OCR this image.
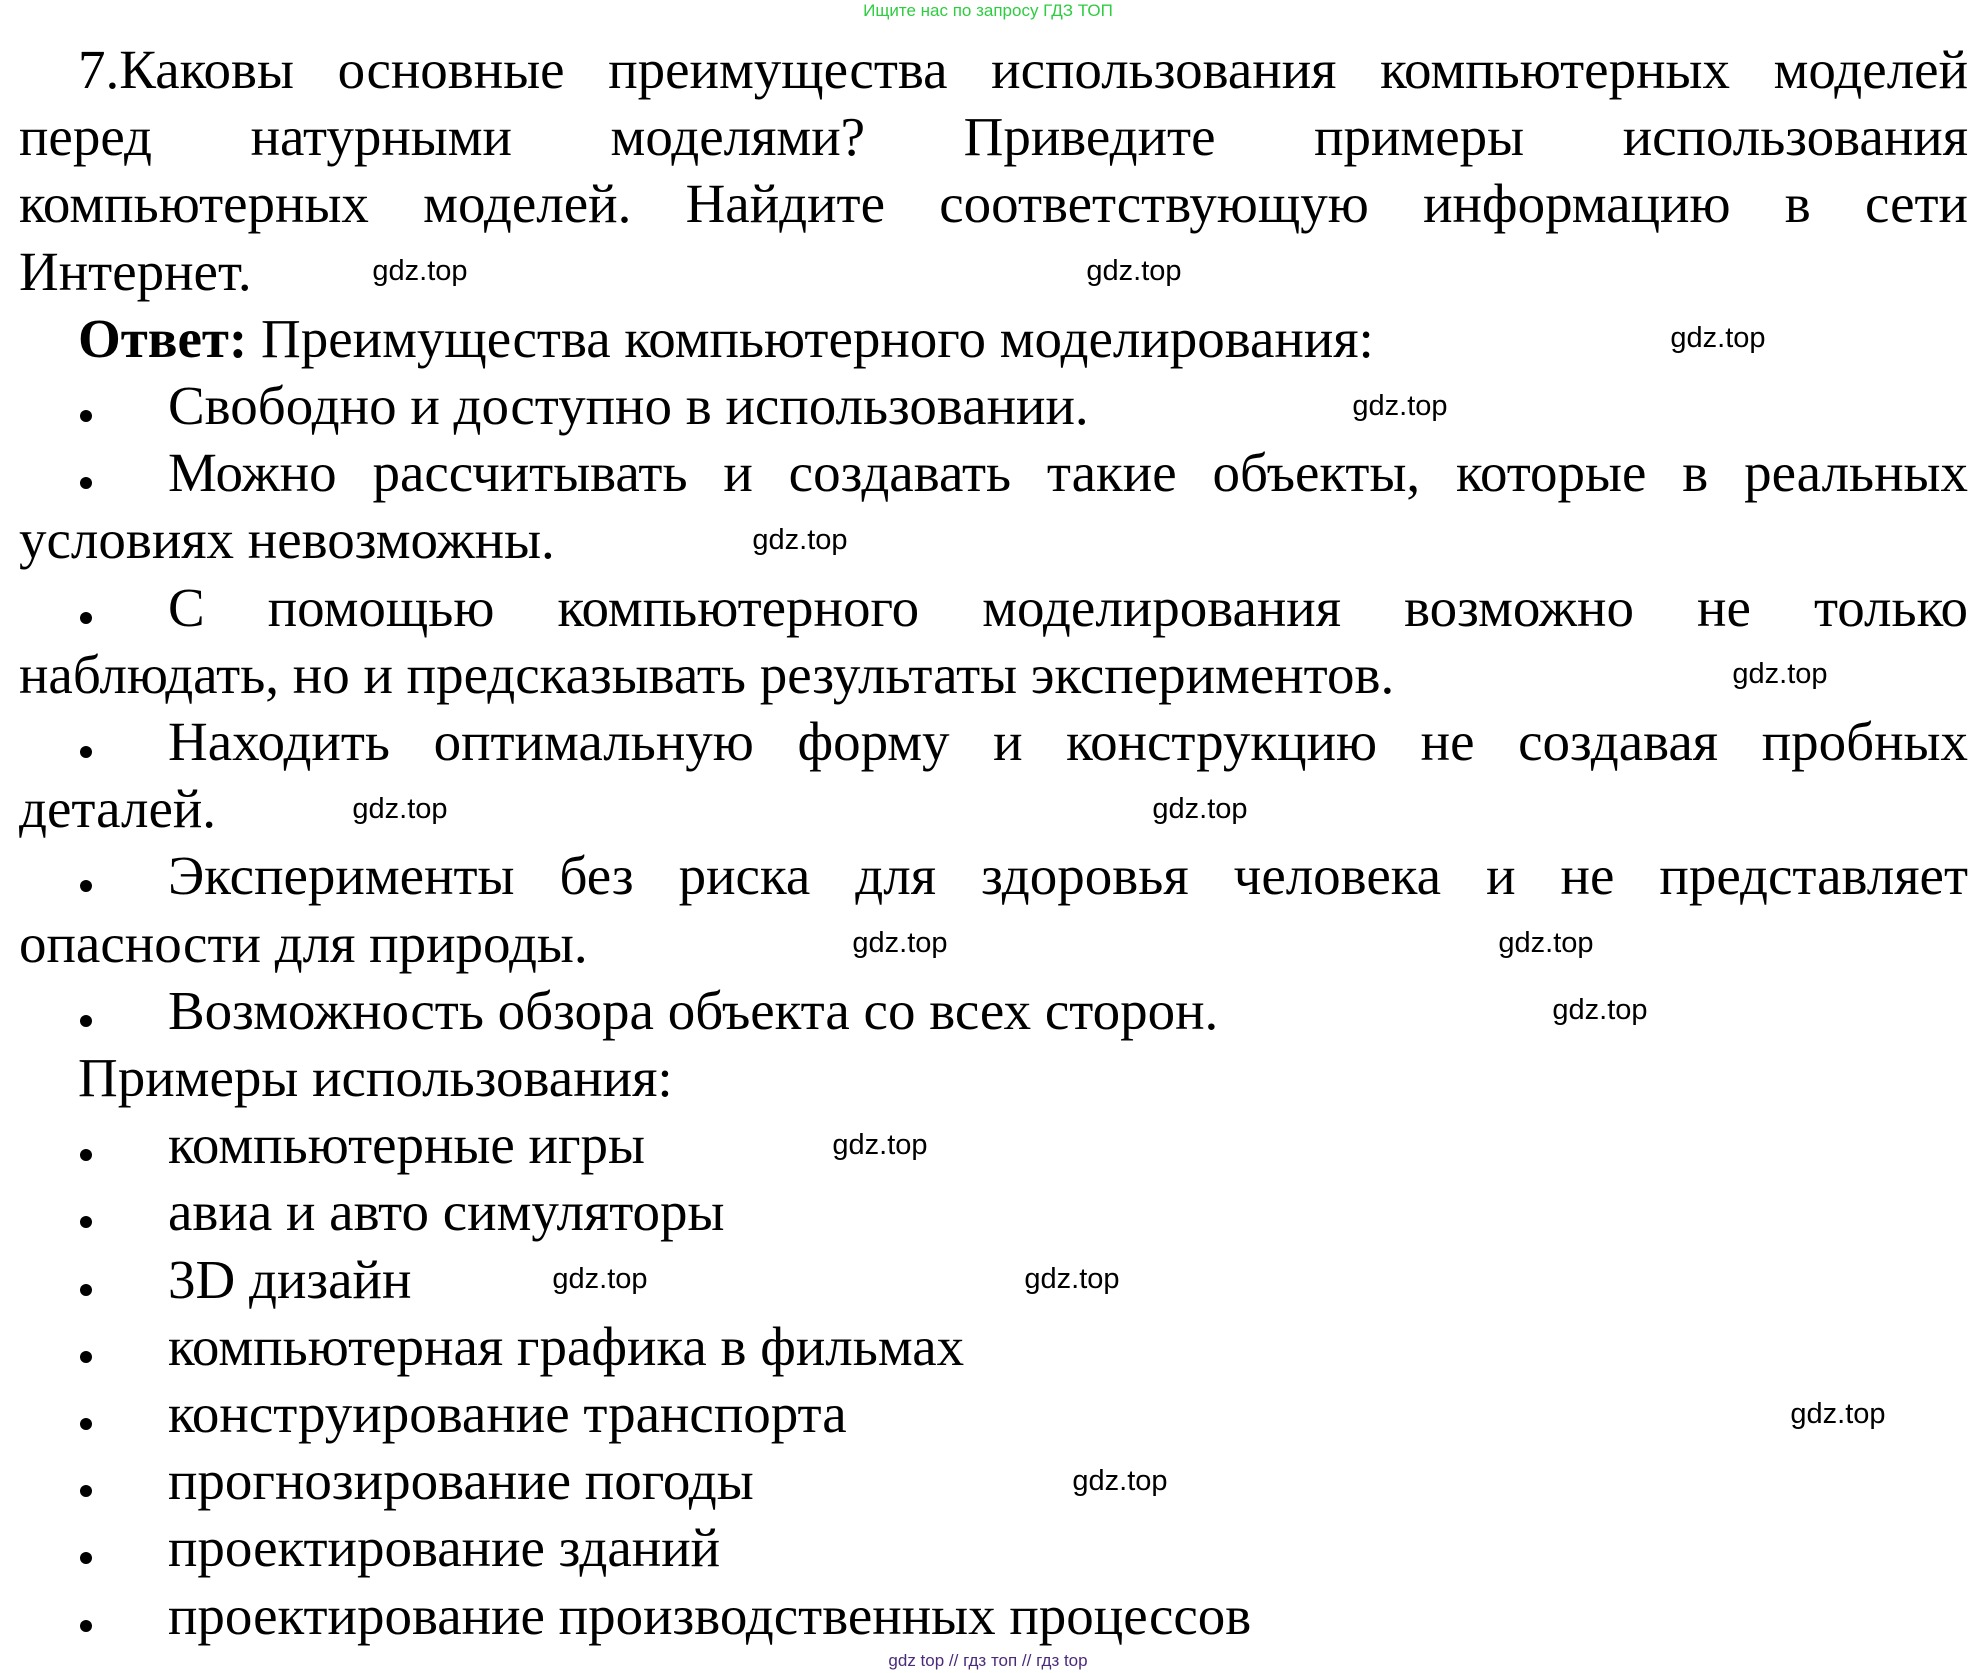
Ищите нас по запросу ГДЗ ТОП
7.Каковы основные преимущества использования компьютерных моделей
перед натурными моделями? Приведите примеры использования
компьютерных моделей. Найдите соответствующую информацию в сети
Интернет.
Ответ: Преимущества компьютерного моделирования:
Свободно и доступно в использовании.
Можно рассчитывать и создавать такие объекты, которые в реальных
условиях невозможны.
С помощью компьютерного моделирования возможно не только
наблюдать, но и предсказывать результаты экспериментов.
Находить оптимальную форму и конструкцию не создавая пробных
деталей.
Эксперименты без риска для здоровья человека и не представляет
опасности для природы.
Возможность обзора объекта со всех сторон.
Примеры использования:
компьютерные игры
авиа и авто симуляторы
3D дизайн
компьютерная графика в фильмах
конструирование транспорта
прогнозирование погоды
проектирование зданий
проектирование производственных процессов
gdz.top	gdz.top
gdz.top
gdz.top
gdz.top
gdz.top
gdz.top	gdz.top
gdz.top	gdz.top
gdz.top
gdz.top
gdz.top	gdz.top
gdz.top
gdz.top
gdz top // гдз топ // гдз top
